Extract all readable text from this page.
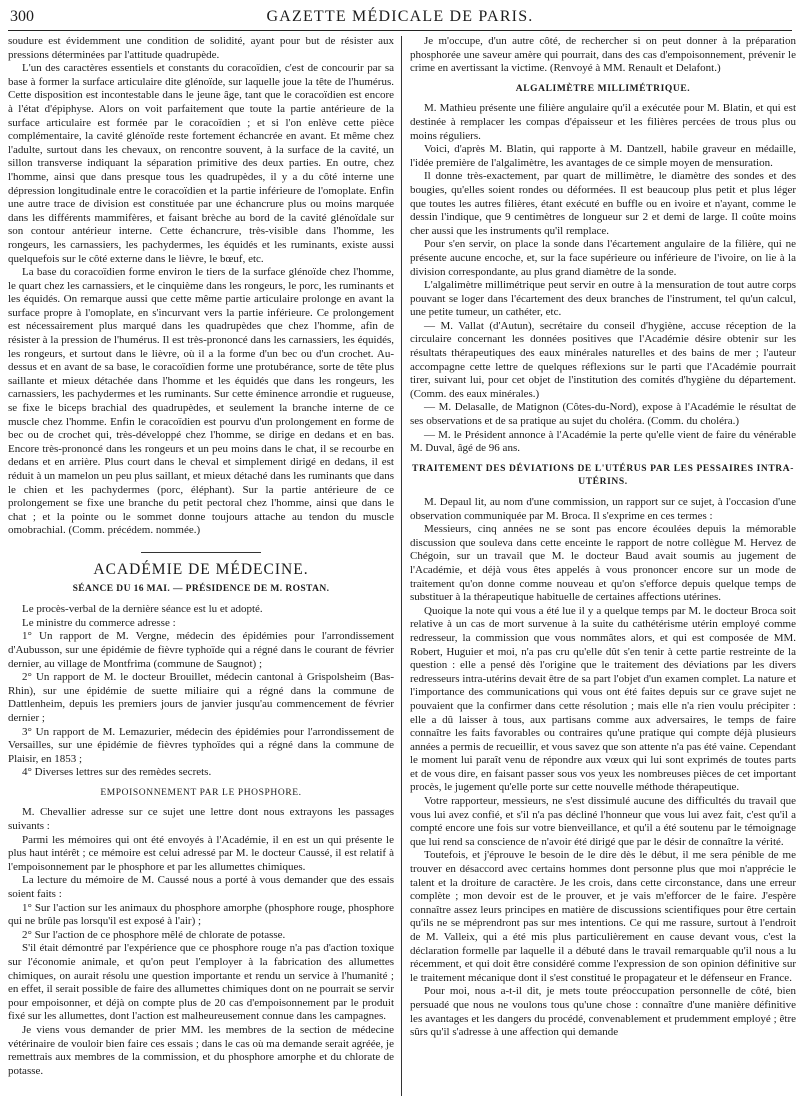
300	GAZETTE MÉDICALE DE PARIS.

soudure est évidemment une condition de solidité, ayant pour but de résister aux pressions déterminées par l'attitude quadrupède.

L'un des caractères essentiels et constants du coracoïdien, c'est de concourir par sa base à former la surface articulaire dite glénoïde, sur laquelle joue la tête de l'humérus. Cette disposition est incontestable dans le jeune âge, tant que le coracoïdien est encore à l'état d'épiphyse. Alors on voit parfaitement que toute la partie antérieure de la surface articulaire est formée par le coracoïdien ; et si l'on enlève cette pièce complémentaire, la cavité glénoïde reste fortement échancrée en avant. Et même chez l'adulte, surtout dans les chevaux, on rencontre souvent, à la surface de la cavité, un sillon transverse indiquant la séparation primitive des deux parties. En outre, chez l'homme, ainsi que dans presque tous les quadrupèdes, il y a du côté interne une dépression longitudinale entre le coracoïdien et la partie inférieure de l'omoplate. Enfin une autre trace de division est constituée par une échancrure plus ou moins marquée dans les différents mammifères, et faisant brèche au bord de la cavité glénoïdale sur son contour antérieur interne. Cette échancrure, très-visible dans l'homme, les rongeurs, les carnassiers, les pachydermes, les équidés et les ruminants, existe aussi quelquefois sur le côté externe dans le lièvre, le bœuf, etc.

La base du coracoïdien forme environ le tiers de la surface glénoïde chez l'homme, le quart chez les carnassiers, et le cinquième dans les rongeurs, le porc, les ruminants et les équidés. On remarque aussi que cette même partie articulaire prolonge en avant la surface propre à l'omoplate, en s'incurvant vers la partie inférieure. Ce prolongement est nécessairement plus marqué dans les quadrupèdes que chez l'homme, afin de résister à la pression de l'humérus. Il est très-prononcé dans les carnassiers, les équidés, les rongeurs, et surtout dans le lièvre, où il a la forme d'un bec ou d'un crochet. Au-dessus et en avant de sa base, le coracoïdien forme une protubérance, sorte de tête plus saillante et mieux détachée dans l'homme et les équidés que dans les rongeurs, les carnassiers, les pachydermes et les ruminants. Sur cette éminence arrondie et rugueuse, se fixe le biceps brachial des quadrupèdes, et seulement la branche interne de ce muscle chez l'homme. Enfin le coracoïdien est pourvu d'un prolongement en forme de bec ou de crochet qui, très-développé chez l'homme, se dirige en dedans et en bas. Encore très-prononcé dans les rongeurs et un peu moins dans le chat, il se recourbe en dedans et en arrière. Plus court dans le cheval et simplement dirigé en dedans, il est réduit à un mamelon un peu plus saillant, et mieux détaché dans les ruminants que dans le chien et les pachydermes (porc, éléphant). Sur la partie antérieure de ce prolongement se fixe une branche du petit pectoral chez l'homme, ainsi que dans le chat ; et la pointe ou le sommet donne toujours attache au tendon du muscle omobrachial. (Comm. précédem. nommée.)

ACADÉMIE DE MÉDECINE.
SÉANCE DU 16 MAI. — PRÉSIDENCE DE M. ROSTAN.

Le procès-verbal de la dernière séance est lu et adopté.

Le ministre du commerce adresse :

1° Un rapport de M. Vergne, médecin des épidémies pour l'arrondissement d'Aubusson, sur une épidémie de fièvre typhoïde qui a régné dans le courant de février dernier, au village de Montfrima (commune de Saugnot) ;

2° Un rapport de M. le docteur Brouillet, médecin cantonal à Grispolsheim (Bas-Rhin), sur une épidémie de suette miliaire qui a régné dans la commune de Dattlenheim, depuis les premiers jours de janvier jusqu'au commencement de février dernier ;

3° Un rapport de M. Lemazurier, médecin des épidémies pour l'arrondissement de Versailles, sur une épidémie de fièvres typhoïdes qui a régné dans la commune de Plaisir, en 1853 ;

4° Diverses lettres sur des remèdes secrets.

EMPOISONNEMENT PAR LE PHOSPHORE.

M. Chevallier adresse sur ce sujet une lettre dont nous extrayons les passages suivants :

Parmi les mémoires qui ont été envoyés à l'Académie, il en est un qui présente le plus haut intérêt ; ce mémoire est celui adressé par M. le docteur Caussé, il est relatif à l'empoisonnement par le phosphore et par les allumettes chimiques.

La lecture du mémoire de M. Caussé nous a porté à vous demander que des essais soient faits :

1° Sur l'action sur les animaux du phosphore amorphe (phosphore rouge, phosphore qui ne brûle pas lorsqu'il est exposé à l'air) ;

2° Sur l'action de ce phosphore mêlé de chlorate de potasse.

S'il était démontré par l'expérience que ce phosphore rouge n'a pas d'action toxique sur l'économie animale, et qu'on peut l'employer à la fabrication des allumettes chimiques, on aurait résolu une question importante et rendu un service à l'humanité ; en effet, il serait possible de faire des allumettes chimiques dont on ne pourrait se servir pour empoisonner, et déjà on compte plus de 20 cas d'empoisonnement par le produit fixé sur les allumettes, dont l'action est malheureusement connue dans les campagnes.

Je viens vous demander de prier MM. les membres de la section de médecine vétérinaire de vouloir bien faire ces essais ; dans le cas où ma demande serait agréée, je remettrais aux membres de la commission, et du phosphore amorphe et du chlorate de potasse.

Je m'occupe, d'un autre côté, de rechercher si on peut donner à la préparation phosphorée une saveur amère qui pourrait, dans des cas d'empoisonnement, prévenir le crime en avertissant la victime. (Renvoyé à MM. Renault et Delafont.)

ALGALIMÈTRE MILLIMÉTRIQUE.

M. Mathieu présente une filière angulaire qu'il a exécutée pour M. Blatin, et qui est destinée à remplacer les compas d'épaisseur et les filières percées de trous plus ou moins réguliers.

Voici, d'après M. Blatin, qui rapporte à M. Dantzell, habile graveur en médaille, l'idée première de l'algalimètre, les avantages de ce simple moyen de mensuration.

Il donne très-exactement, par quart de millimètre, le diamètre des sondes et des bougies, qu'elles soient rondes ou déformées. Il est beaucoup plus petit et plus léger que toutes les autres filières, étant exécuté en buffle ou en ivoire et n'ayant, comme le dessin l'indique, que 9 centimètres de longueur sur 2 et demi de large. Il coûte moins cher aussi que les instruments qu'il remplace.

Pour s'en servir, on place la sonde dans l'écartement angulaire de la filière, qui ne présente aucune encoche, et, sur la face supérieure ou inférieure de l'ivoire, on lie à la division correspondante, au plus grand diamètre de la sonde.

L'algalimètre millimétrique peut servir en outre à la mensuration de tout autre corps pouvant se loger dans l'écartement des deux branches de l'instrument, tel qu'un calcul, une petite tumeur, un cathéter, etc.

— M. Vallat (d'Autun), secrétaire du conseil d'hygiène, accuse réception de la circulaire concernant les données positives que l'Académie désire obtenir sur les résultats thérapeutiques des eaux minérales naturelles et des bains de mer ; l'auteur accompagne cette lettre de quelques réflexions sur le parti que l'Académie pourrait tirer, suivant lui, pour cet objet de l'institution des comités d'hygiène du département. (Comm. des eaux minérales.)

— M. Delasalle, de Matignon (Côtes-du-Nord), expose à l'Académie le résultat de ses observations et de sa pratique au sujet du choléra. (Comm. du choléra.)

— M. le Président annonce à l'Académie la perte qu'elle vient de faire du vénérable M. Duval, âgé de 96 ans.

TRAITEMENT DES DÉVIATIONS DE L'UTÉRUS PAR LES PESSAIRES INTRA-UTÉRINS.

M. Depaul lit, au nom d'une commission, un rapport sur ce sujet, à l'occasion d'une observation communiquée par M. Broca. Il s'exprime en ces termes :

Messieurs, cinq années ne se sont pas encore écoulées depuis la mémorable discussion que souleva dans cette enceinte le rapport de notre collègue M. Hervez de Chégoin, sur un travail que M. le docteur Baud avait soumis au jugement de l'Académie, et déjà vous êtes appelés à vous prononcer encore sur un mode de traitement qu'on donne comme nouveau et qu'on s'efforce depuis quelque temps de substituer à la thérapeutique habituelle de certaines affections utérines.

Quoique la note qui vous a été lue il y a quelque temps par M. le docteur Broca soit relative à un cas de mort survenue à la suite du cathétérisme utérin employé comme redresseur, la commission que vous nommâtes alors, et qui est composée de MM. Robert, Huguier et moi, n'a pas cru qu'elle dût s'en tenir à cette partie restreinte de la question : elle a pensé dès l'origine que le traitement des déviations par les divers redresseurs intra-utérins devait être de sa part l'objet d'un examen complet. La nature et l'importance des communications qui vous ont été faites depuis sur ce grave sujet ne pouvaient que la confirmer dans cette résolution ; mais elle n'a rien voulu précipiter : elle a dû laisser à tous, aux partisans comme aux adversaires, le temps de faire connaître les faits favorables ou contraires qu'une pratique qui compte déjà plusieurs années a permis de recueillir, et vous savez que son attente n'a pas été vaine. Cependant le moment lui paraît venu de répondre aux vœux qui lui sont exprimés de toutes parts et de vous dire, en faisant passer sous vos yeux les nombreuses pièces de cet important procès, le jugement qu'elle porte sur cette nouvelle méthode thérapeutique.

Votre rapporteur, messieurs, ne s'est dissimulé aucune des difficultés du travail que vous lui avez confié, et s'il n'a pas décliné l'honneur que vous lui avez fait, c'est qu'il a compté encore une fois sur votre bienveillance, et qu'il a été soutenu par le témoignage que lui rend sa conscience de n'avoir été dirigé que par le désir de connaître la vérité.

Toutefois, et j'éprouve le besoin de le dire dès le début, il me sera pénible de me trouver en désaccord avec certains hommes dont personne plus que moi n'apprécie le talent et la droiture de caractère. Je les crois, dans cette circonstance, dans une erreur complète ; mon devoir est de le prouver, et je vais m'efforcer de le faire. J'espère connaître assez leurs principes en matière de discussions scientifiques pour être certain qu'ils ne se méprendront pas sur mes intentions. Ce qui me rassure, surtout à l'endroit de M. Valleix, qui a été mis plus particulièrement en cause devant vous, c'est la déclaration formelle par laquelle il a débuté dans le travail remarquable qu'il nous a lu récemment, et qui doit être considéré comme l'expression de son opinion définitive sur le traitement mécanique dont il s'est constitué le propagateur et le défenseur en France.

Pour moi, nous a-t-il dit, je mets toute préoccupation personnelle de côté, bien persuadé que nous ne voulons tous qu'une chose : connaître d'une manière définitive les avantages et les dangers du procédé, convenablement et prudemment employé ; être sûrs qu'il s'adresse à une affection qui demande
